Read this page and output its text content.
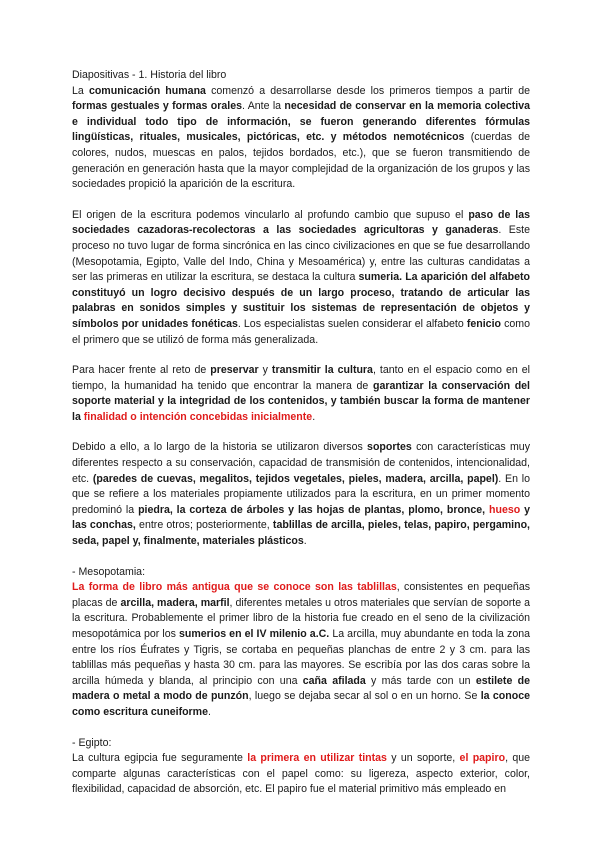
Diapositivas - 1. Historia del libro

La comunicación humana comenzó a desarrollarse desde los primeros tiempos a partir de formas gestuales y formas orales. Ante la necesidad de conservar en la memoria colectiva e individual todo tipo de información, se fueron generando diferentes fórmulas lingüísticas, rituales, musicales, pictóricas, etc. y métodos nemotécnicos (cuerdas de colores, nudos, muescas en palos, tejidos bordados, etc.), que se fueron transmitiendo de generación en generación hasta que la mayor complejidad de la organización de los grupos y las sociedades propició la aparición de la escritura.

El origen de la escritura podemos vincularlo al profundo cambio que supuso el paso de las sociedades cazadoras-recolectoras a las sociedades agricultoras y ganaderas. Este proceso no tuvo lugar de forma sincrónica en las cinco civilizaciones en que se fue desarrollando (Mesopotamia, Egipto, Valle del Indo, China y Mesoamérica) y, entre las culturas candidatas a ser las primeras en utilizar la escritura, se destaca la cultura sumeria. La aparición del alfabeto constituyó un logro decisivo después de un largo proceso, tratando de articular las palabras en sonidos simples y sustituir los sistemas de representación de objetos y símbolos por unidades fonéticas. Los especialistas suelen considerar el alfabeto fenicio como el primero que se utilizó de forma más generalizada.

Para hacer frente al reto de preservar y transmitir la cultura, tanto en el espacio como en el tiempo, la humanidad ha tenido que encontrar la manera de garantizar la conservación del soporte material y la integridad de los contenidos, y también buscar la forma de mantener la finalidad o intención concebidas inicialmente.

Debido a ello, a lo largo de la historia se utilizaron diversos soportes con características muy diferentes respecto a su conservación, capacidad de transmisión de contenidos, intencionalidad, etc. (paredes de cuevas, megalitos, tejidos vegetales, pieles, madera, arcilla, papel). En lo que se refiere a los materiales propiamente utilizados para la escritura, en un primer momento predominó la piedra, la corteza de árboles y las hojas de plantas, plomo, bronce, hueso y las conchas, entre otros; posteriormente, tablillas de arcilla, pieles, telas, papiro, pergamino, seda, papel y, finalmente, materiales plásticos.

- Mesopotamia:

La forma de libro más antigua que se conoce son las tablillas, consistentes en pequeñas placas de arcilla, madera, marfil, diferentes metales u otros materiales que servían de soporte a la escritura. Probablemente el primer libro de la historia fue creado en el seno de la civilización mesopotámica por los sumerios en el IV milenio a.C. La arcilla, muy abundante en toda la zona entre los ríos Éufrates y Tigris, se cortaba en pequeñas planchas de entre 2 y 3 cm. para las tablillas más pequeñas y hasta 30 cm. para las mayores. Se escribía por las dos caras sobre la arcilla húmeda y blanda, al principio con una caña afilada y más tarde con un estilete de madera o metal a modo de punzón, luego se dejaba secar al sol o en un horno. Se la conoce como escritura cuneiforme.

- Egipto:

La cultura egipcia fue seguramente la primera en utilizar tintas y un soporte, el papiro, que comparte algunas características con el papel como: su ligereza, aspecto exterior, color, flexibilidad, capacidad de absorción, etc. El papiro fue el material primitivo más empleado en
